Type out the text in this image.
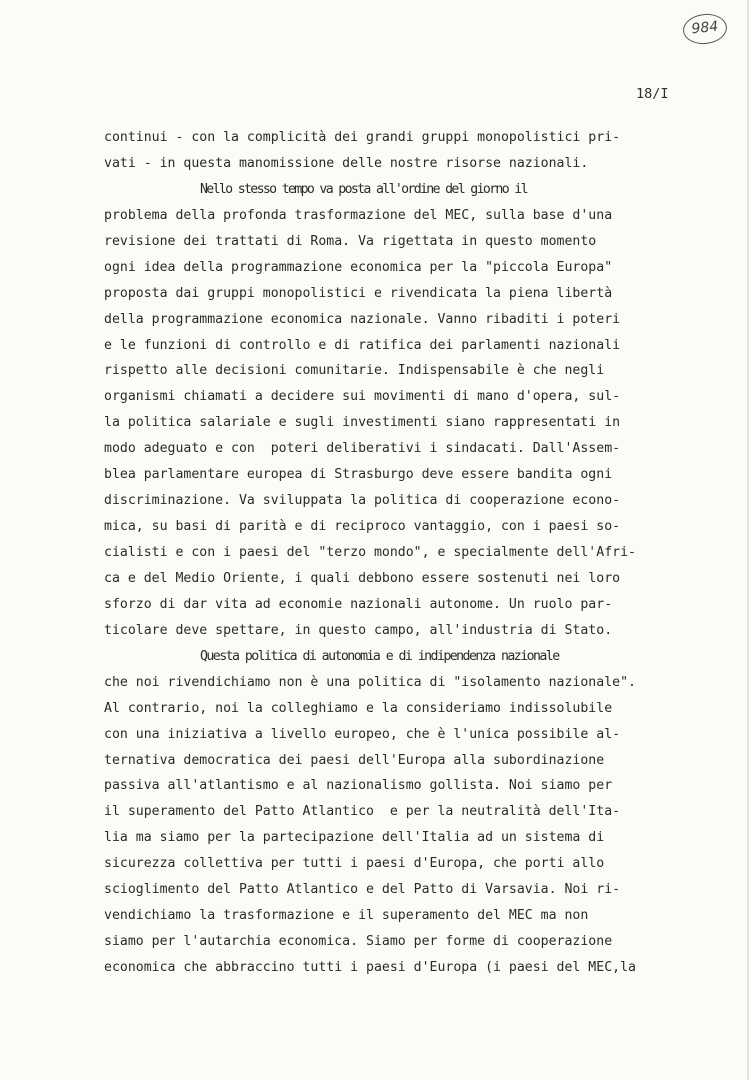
984
18/I
continui - con la complicità dei grandi gruppi monopolistici pri-
vati - in questa manomissione delle nostre risorse nazionali.
Nello stesso tempo va posta all'ordine del giorno il
problema della profonda trasformazione del MEC, sulla base d'una
revisione dei trattati di Roma. Va rigettata in questo momento
ogni idea della programmazione economica per la "piccola Europa"
proposta dai gruppi monopolistici e rivendicata la piena libertà
della programmazione economica nazionale. Vanno ribaditi i poteri
e le funzioni di controllo e di ratifica dei parlamenti nazionali
rispetto alle decisioni comunitarie. Indispensabile è che negli
organismi chiamati a decidere sui movimenti di mano d'opera, sul-
la politica salariale e sugli investimenti siano rappresentati in
modo adeguato e con  poteri deliberativi i sindacati. Dall'Assem-
blea parlamentare europea di Strasburgo deve essere bandita ogni
discriminazione. Va sviluppata la politica di cooperazione econo-
mica, su basi di parità e di reciproco vantaggio, con i paesi so-
cialisti e con i paesi del "terzo mondo", e specialmente dell'Afri-
ca e del Medio Oriente, i quali debbono essere sostenuti nei loro
sforzo di dar vita ad economie nazionali autonome. Un ruolo par-
ticolare deve spettare, in questo campo, all'industria di Stato.
Questa politica di autonomia e di indipendenza nazionale
che noi rivendichiamo non è una politica di "isolamento nazionale".
Al contrario, noi la colleghiamo e la consideriamo indissolubile
con una iniziativa a livello europeo, che è l'unica possibile al-
ternativa democratica dei paesi dell'Europa alla subordinazione
passiva all'atlantismo e al nazionalismo gollista. Noi siamo per
il superamento del Patto Atlantico  e per la neutralità dell'Ita-
lia ma siamo per la partecipazione dell'Italia ad un sistema di
sicurezza collettiva per tutti i paesi d'Europa, che porti allo
scioglimento del Patto Atlantico e del Patto di Varsavia. Noi ri-
vendichiamo la trasformazione e il superamento del MEC ma non
siamo per l'autarchia economica. Siamo per forme di cooperazione
economica che abbraccino tutti i paesi d'Europa (i paesi del MEC,la
